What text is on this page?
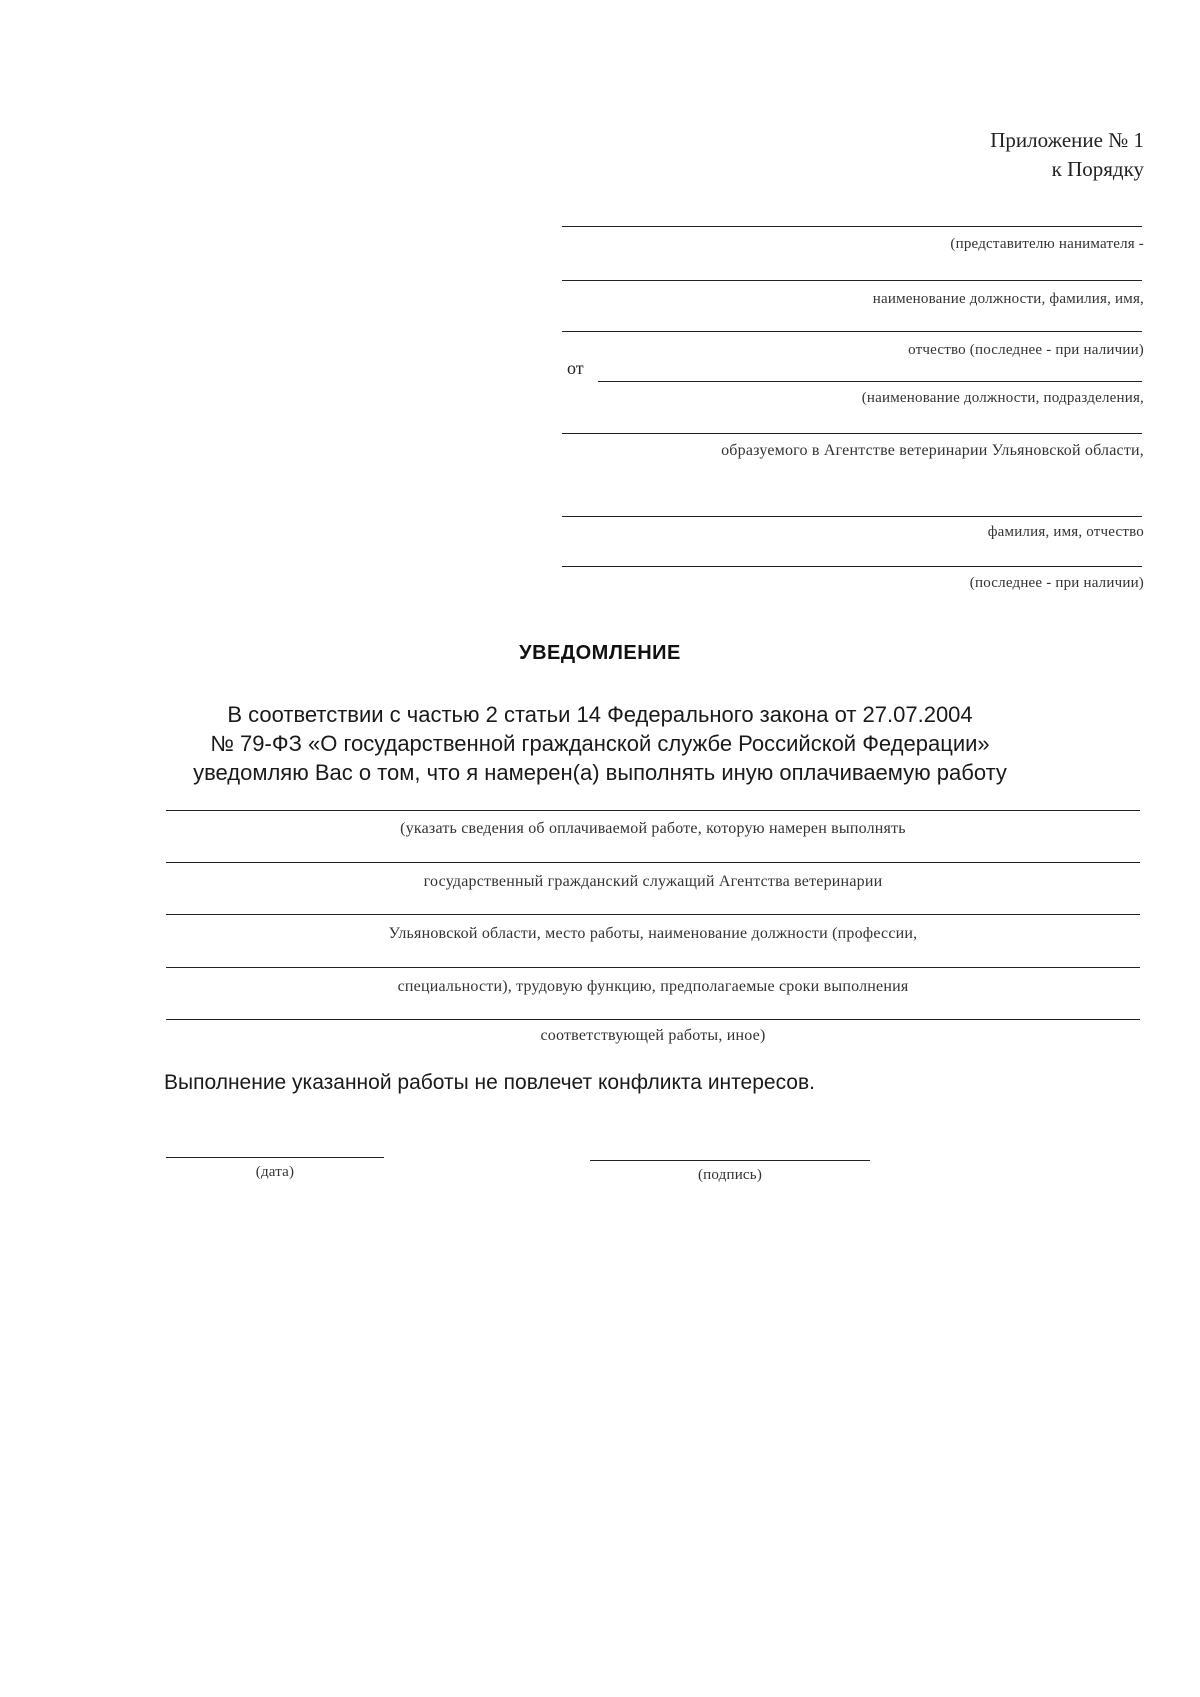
Приложение № 1
к Порядку
(представителю нанимателя -
наименование должности, фамилия, имя,
отчество (последнее - при наличии)
от
(наименование должности, подразделения,
образуемого в Агентстве ветеринарии Ульяновской области,
фамилия, имя, отчество
(последнее - при наличии)
УВЕДОМЛЕНИЕ
В соответствии с частью 2 статьи 14 Федерального закона от 27.07.2004
№ 79-ФЗ «О государственной гражданской службе Российской Федерации»
уведомляю Вас о том, что я намерен(а) выполнять иную оплачиваемую работу
(указать сведения об оплачиваемой работе, которую намерен выполнять
государственный гражданский служащий Агентства ветеринарии
Ульяновской области, место работы, наименование должности (профессии,
специальности), трудовую функцию, предполагаемые сроки выполнения
соответствующей работы, иное)
Выполнение указанной работы не повлечет конфликта интересов.
(дата)	(подпись)
